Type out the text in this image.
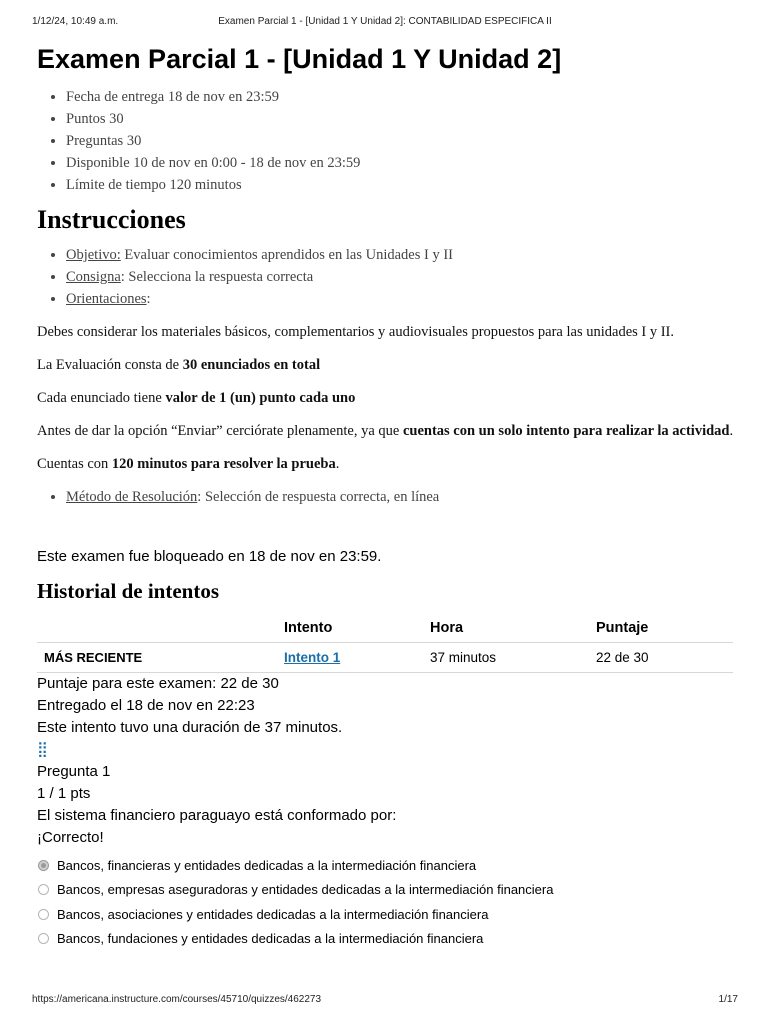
1/12/24, 10:49 a.m.	Examen Parcial 1 - [Unidad 1 Y Unidad 2]: CONTABILIDAD ESPECIFICA II
Examen Parcial 1 - [Unidad 1 Y Unidad 2]
• Fecha de entrega 18 de nov en 23:59
• Puntos 30
• Preguntas 30
• Disponible 10 de nov en 0:00 - 18 de nov en 23:59
• Límite de tiempo 120 minutos
Instrucciones
• Objetivo: Evaluar conocimientos aprendidos en las Unidades I y II
• Consigna: Selecciona la respuesta correcta
• Orientaciones:

Debes considerar los materiales básicos, complementarios y audiovisuales propuestos para las unidades I y II.

La Evaluación consta de 30 enunciados en total

Cada enunciado tiene valor de 1 (un) punto cada uno

Antes de dar la opción “Enviar” cerciórate plenamente, ya que cuentas con un solo intento para realizar la actividad.

Cuentas con 120 minutos para resolver la prueba.

• Método de Resolución: Selección de respuesta correcta, en línea
Este examen fue bloqueado en 18 de nov en 23:59.
Historial de intentos
	Intento	Hora	Puntaje
MÁS RECIENTE	Intento 1	37 minutos	22 de 30
Puntaje para este examen: 22 de 30
Entregado el 18 de nov en 22:23
Este intento tuvo una duración de 37 minutos.
⣿
Pregunta 1
1 / 1 pts
El sistema financiero paraguayo está conformado por:
¡Correcto!
Bancos, financieras y entidades dedicadas a la intermediación financiera
Bancos, empresas aseguradoras y entidades dedicadas a la intermediación financiera
Bancos, asociaciones y entidades dedicadas a la intermediación financiera
Bancos, fundaciones y entidades dedicadas a la intermediación financiera
https://americana.instructure.com/courses/45710/quizzes/462273	1/17
